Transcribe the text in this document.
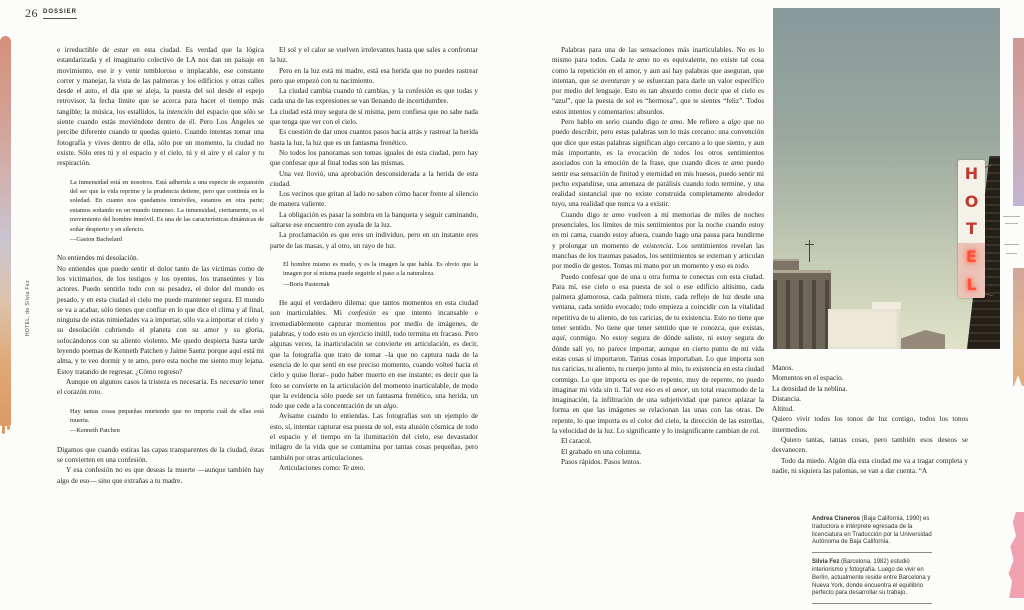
26 DOSSIER
HOTEL, de Silvia Fez

e irreductible de estar en esta ciudad. Es verdad que la lógica estandarizada y el imaginario colectivo de LA nos dan un paisaje en movimiento, ese ir y venir tembloroso e implacable, ese constante correr y manejar, la vista de las palmeras y los edificios y otras calles desde el auto, el día que se aleja, la puesta del sol desde el espejo retrovisor, la fecha límite que se acerca para hacer el tiempo más tangible; la música, los estallidos, la intención del espacio que sólo se siente cuando estás moviéndote dentro de él. Pero Los Ángeles se percibe diferente cuando te quedas quieto. Cuando intentas tomar una fotografía y vives dentro de ella, sólo por un momento, la ciudad no existe. Sólo eres tú y el espacio y el cielo, tú y el aire y el calor y tu respiración.

La inmensidad está en nosotros. Está adherida a una especie de expansión del ser que la vida reprime y la prudencia detiene, pero que continúa en la soledad. En cuanto nos quedamos inmóviles, estamos en otra parte; estamos soñando en un mundo inmenso. La inmensidad, ciertamente, es el movimiento del hombre inmóvil. Es una de las características dinámicas de soñar despierto y en silencio.

—Gaston Bachelard

No entiendes mi desolación.

No entiendes que puedo sentir el dolor tanto de las víctimas como de los victimarios, de los testigos y los oyentes, los transeúntes y los actores. Puedo sentirlo todo con su pesadez, el dolor del mundo es pesado, y en esta ciudad el cielo me puede mantener segura. El mundo se va a acabar, sólo tienes que confiar en lo que dice el clima y al final, ninguna de estas nimiedades va a importar, sólo va a importar el cielo y su desolación cubriendo el planeta con su amor y su gloria, sofocándonos con su aliento violento. Me quedo despierta hasta tarde leyendo poemas de Kenneth Patchen y Jaime Saenz porque aquí está mi alma, y te veo dormir y te amo, pero esta noche me siento muy lejana. Estoy tratando de regresar. ¿Cómo regreso?

Aunque en algunos casos la tristeza es necesaria. Es necesario tener el corazón roto.

Hay tantas cosas pequeñas muriendo que no importa cuál de ellas está muerta.

—Kenneth Patchen

Digamos que cuando estiras las capas transparentes de la ciudad, éstas se convierten en una confesión.

Y esa confesión no es que deseas la muerte —aunque también hay algo de eso— sino que extrañas a tu madre.

El sol y el calor se vuelven irrelevantes hasta que sales a confrontar la luz.

Pero en la luz está mi madre, está esa herida que no puedes rastrear pero que empezó con tu nacimiento.

La ciudad cambia cuando tú cambias, y la confesión es que todas y cada una de las expresiones se van llenando de incertidumbre.

La ciudad está muy segura de sí misma, pero confiesa que no sabe nada que tenga que ver con el cielo.

Es cuestión de dar unos cuantos pasos hacia atrás y rastrear la herida hasta la luz, la luz que es un fantasma frenético.

No todos los panoramas son tomas iguales de esta ciudad, pero hay que confesar que al final todas son las mismas.

Una vez llovió, una aprobación desconsiderada a la herida de esta ciudad.

Los vecinos que gritan al lado no saben cómo hacer frente al silencio de manera valiente.

La obligación es pasar la sombra en la banqueta y seguir caminando, saltarse ese encuentro con ayuda de la luz.

La proclamación es que eres un individuo, pero en un instante eres parte de las masas, y al otro, un rayo de luz.

El hombre mismo es mudo, y es la imagen la que habla. Es obvio que la imagen por sí misma puede seguirle el paso a la naturaleza.

—Boris Pasternak

He aquí el verdadero dilema: que tantos momentos en esta ciudad son inarticulables. Mi confesión es que intento incansable e irremediablemente capturar momentos por medio de imágenes, de palabras, y todo esto es un ejercicio inútil, todo termina en fracaso. Pero algunas veces, la inarticulación se convierte en articulación, es decir, que la fotografía que trato de tomar –la que no captura nada de la esencia de lo que sentí en ese preciso momento, cuando volteé hacia el cielo y quise llorar– pudo haber muerto en ese instante; es decir que la foto se convierte en la articulación del momento inarticulable, de modo que la evidencia sólo puede ser un fantasma frenético, una herida, un todo que cede a la concentración de un algo.

Avísame cuando lo entiendas. Las fotografías son un ejemplo de esto, sí, intentar capturar esa puesta de sol, esta alusión cósmica de todo el espacio y el tiempo en la iluminación del cielo, ese devastador milagro de la vida que se contamina por tantas cosas pequeñas, pero también por otras articulaciones.

Articulaciones como: Te amo.

Palabras para una de las sensaciones más inarticulables. No es lo mismo para todos. Cada te amo no es equivalente, no existe tal cosa como la repetición en el amor, y aun así hay palabras que aseguran, que intentan, que se aventuran y se esfuerzan para darle un valor específico por medio del lenguaje. Esto es tan absurdo como decir que el cielo es “azul”, que la puesta de sol es “hermosa”, que te sientes “feliz”. Todos estos intentos y comentarios: absurdos.

Pero hablo en serio cuando digo te amo. Me refiero a algo que no puedo describir, pero estas palabras son lo más cercano: una convención que dice que estas palabras significan algo cercano a lo que siento, y aun más importante, es la evocación de todos los otros sentimientos asociados con la emoción de la frase, que cuando dices te amo puedo sentir esa sensación de finitud y eternidad en mis huesos, puedo sentir mi pecho expandirse, una amenaza de parálisis cuando todo termine, y una realidad sustancial que no existe construida completamente alrededor tuyo, una realidad que nunca va a existir.

Cuando digo te amo vuelven a mí memorias de miles de noches presenciales, los límites de mis sentimientos por la noche cuando estoy en mi cama, cuando estoy afuera, cuando hago una pausa para hundirme y prolongar un momento de existencia. Los sentimientos revelan las manchas de los traumas pasados, los sentimientos se externan y articulan por medio de gestos. Tomas mi mano por un momento y eso es todo.

Puedo confesar que de una u otra forma te conectas con esta ciudad. Para mí, ese cielo o esa puesta de sol o ese edificio altísimo, cada palmera glamorosa, cada palmera triste, cada reflejo de luz desde una ventana, cada sonido evocado; todo empieza a coincidir con la vitalidad repetitiva de tu aliento, de tus caricias, de tu existencia. Esto no tiene que tener sentido. No tiene que tener sentido que te conozca, que existas, aquí, conmigo. No estoy segura de dónde saliste, ni estoy segura de dónde salí yo, no parece importar, aunque en cierto punto de mi vida estas cosas sí importaron. Tantas cosas importaban. Lo que importa son tus caricias, tu aliento, tu cuerpo junto al mío, tu existencia en esta ciudad conmigo. Lo que importa es que de repente, muy de repente, no puedo imaginar mi vida sin ti. Tal vez eso es el amor, un total reacomodo de la imaginación, la infiltración de una subjetividad que parece aplazar la forma en que las imágenes se relacionan las unas con las otras. De repente, lo que importa es el color del cielo, la dirección de las estrellas, la velocidad de la luz. Lo significante y lo insignificante cambian de rol.

El caracol.

El grabado en una columna.

Pasos rápidos. Pasos lentos.

H
O
T
E
L

Manos.

Momentos en el espacio.

La densidad de la neblina.

Distancia.

Altitud.

Quiero vivir todos los tonos de luz contigo, todos los tonos intermedios.

Quiero tantas, tantas cosas, pero también esos deseos se desvanecen.

Todo da miedo. Algún día esta ciudad me va a tragar completa y nadie, ni siquiera las palomas, se van a dar cuenta. “A

Andrea Cisneros (Baja California, 1990) es traductora e intérprete egresada de la licenciatura en Traducción por la Universidad Autónoma de Baja California.
Silvia Fez (Barcelona, 1982) estudió interiorismo y fotografía. Luego de vivir en Berlín, actualmente reside entre Barcelona y Nueva York, donde encuentra el equilibrio perfecto para desarrollar su trabajo.
